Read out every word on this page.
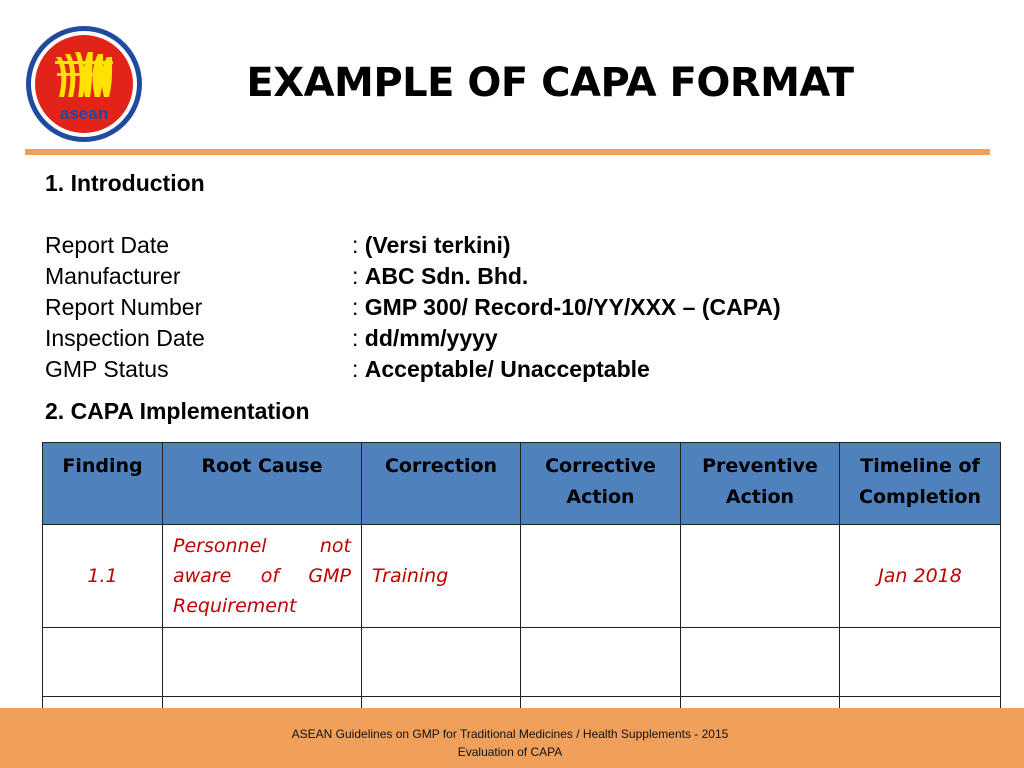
asean
EXAMPLE OF CAPA FORMAT
1. Introduction
Report Date	: (Versi terkini)
Manufacturer	: ABC Sdn. Bhd.
Report Number	: GMP 300/ Record-10/YY/XXX – (CAPA)
Inspection Date	: dd/mm/yyyy
GMP Status	: Acceptable/ Unacceptable
2. CAPA Implementation
Finding	Root Cause	Correction	Corrective Action	Preventive Action	Timeline of Completion
1.1	Personnel not aware of GMP Requirement	Training			Jan 2018

ASEAN Guidelines on GMP for Traditional Medicines / Health Supplements - 2015
Evaluation of CAPA
